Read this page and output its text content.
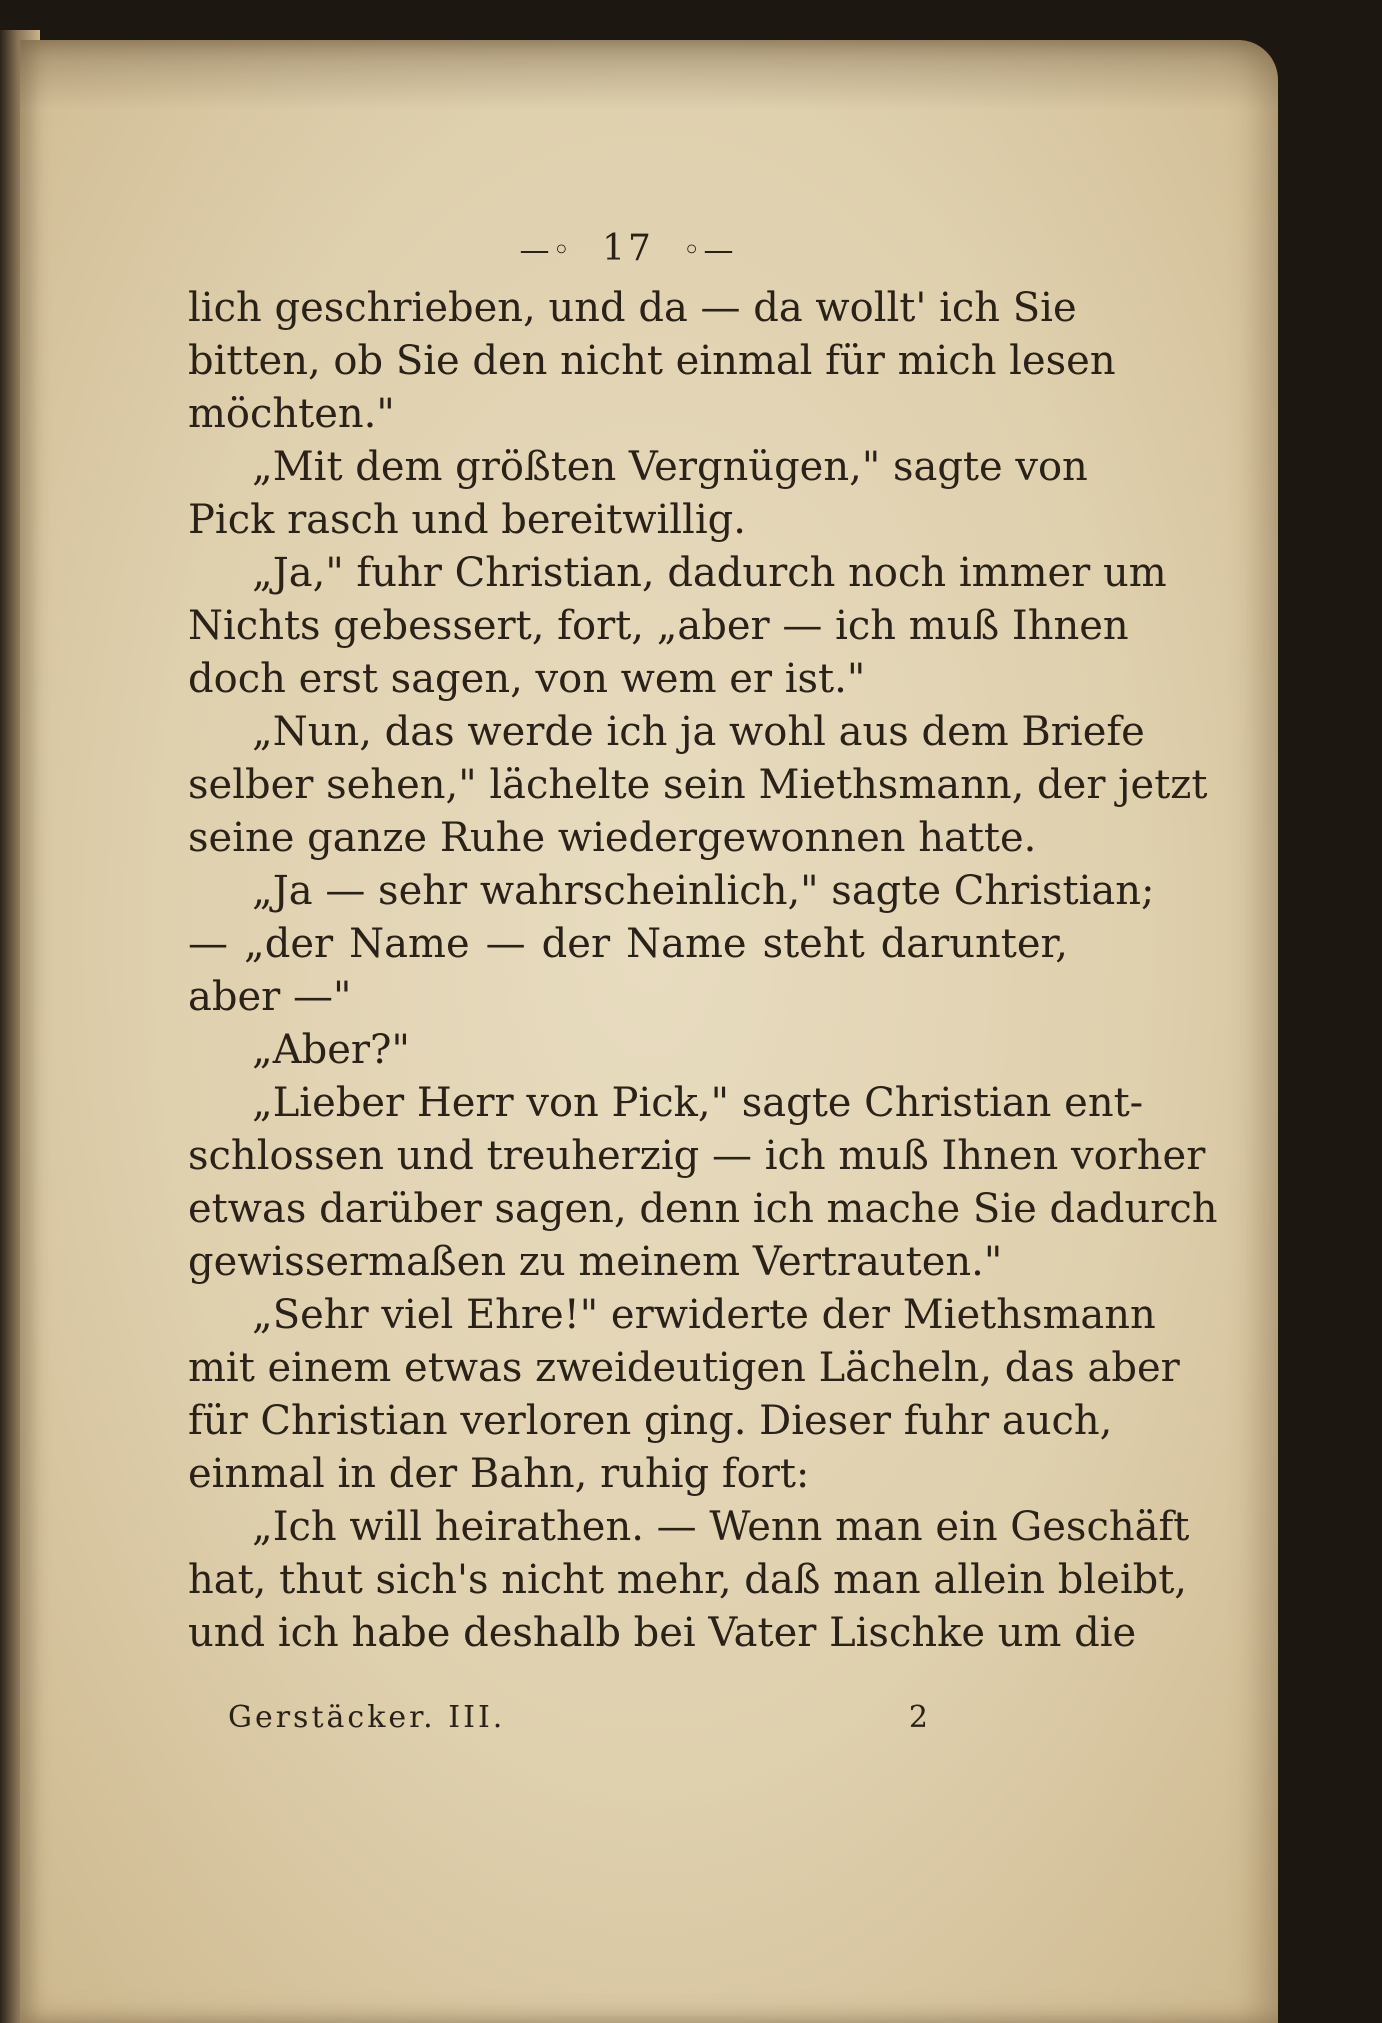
—◦ 17 ◦—
lich geschrieben, und da — da wollt' ich Sie
bitten, ob Sie den nicht einmal für mich lesen
möchten."
„Mit dem größten Vergnügen," sagte von
Pick rasch und bereitwillig.
„Ja," fuhr Christian, dadurch noch immer um
Nichts gebessert, fort, „aber — ich muß Ihnen
doch erst sagen, von wem er ist."
„Nun, das werde ich ja wohl aus dem Briefe
selber sehen," lächelte sein Miethsmann, der jetzt
seine ganze Ruhe wiedergewonnen hatte.
„Ja — sehr wahrscheinlich," sagte Christian;
— „der Name — der Name steht darunter,
aber —"
„Aber?"
„Lieber Herr von Pick," sagte Christian ent-
schlossen und treuherzig — ich muß Ihnen vorher
etwas darüber sagen, denn ich mache Sie dadurch
gewissermaßen zu meinem Vertrauten."
„Sehr viel Ehre!" erwiderte der Miethsmann
mit einem etwas zweideutigen Lächeln, das aber
für Christian verloren ging. Dieser fuhr auch,
einmal in der Bahn, ruhig fort:
„Ich will heirathen. — Wenn man ein Geschäft
hat, thut sich's nicht mehr, daß man allein bleibt,
und ich habe deshalb bei Vater Lischke um die
Gerstäcker. III.	2
